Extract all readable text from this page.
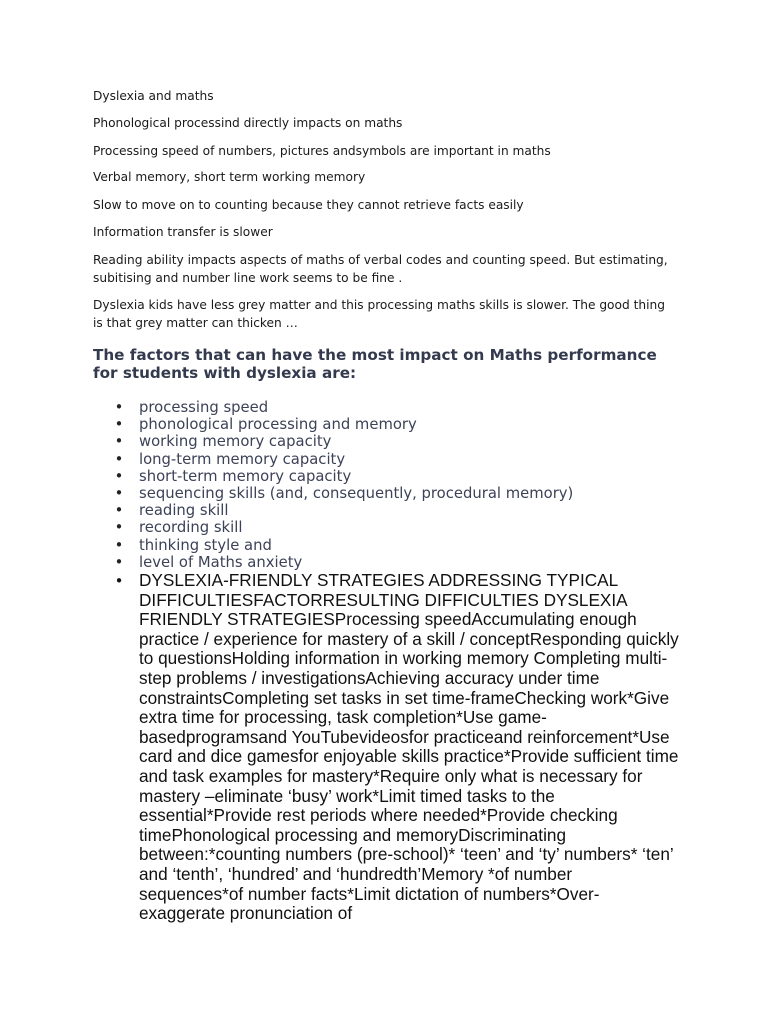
Dyslexia and maths

Phonological processind directly impacts on maths

Processing speed of numbers, pictures andsymbols are important in maths

Verbal memory, short term working memory

Slow to move on to counting because they cannot retrieve facts easily

Information transfer is slower

Reading ability impacts aspects of maths of verbal codes and counting speed. But estimating, subitising and number line work seems to be fine .

Dyslexia kids have less grey matter and this processing maths skills is slower. The good thing is that grey matter can thicken …

The factors that can have the most impact on Maths performance for students with dyslexia are:
• processing speed
• phonological processing and memory
• working memory capacity
• long-term memory capacity
• short-term memory capacity
• sequencing skills (and, consequently, procedural memory)
• reading skill
• recording skill
• thinking style and
• level of Maths anxiety
• DYSLEXIA-FRIENDLY STRATEGIES ADDRESSING TYPICAL DIFFICULTIESFACTORRESULTING DIFFICULTIES DYSLEXIA FRIENDLY STRATEGIESProcessing speedAccumulating enough practice / experience for mastery of a skill / conceptResponding quickly to questionsHolding information in working memory Completing multi-step problems / investigationsAchieving accuracy under time constraintsCompleting set tasks in set time-frameChecking work*Give extra time for processing, task completion*Use game-basedprogramsand YouTubevideosfor practiceand reinforcement*Use card and dice gamesfor enjoyable skills practice*Provide sufficient time and task examples for mastery*Require only what is necessary for mastery –eliminate ‘busy’ work*Limit timed tasks to the essential*Provide rest periods where needed*Provide checking timePhonological processing and memoryDiscriminating between:*counting numbers (pre-school)* ‘teen’ and ‘ty’ numbers* ‘ten’ and ‘tenth’, ‘hundred’ and ‘hundredth’Memory *of number sequences*of number facts*Limit dictation of numbers*Over-exaggerate pronunciation of
